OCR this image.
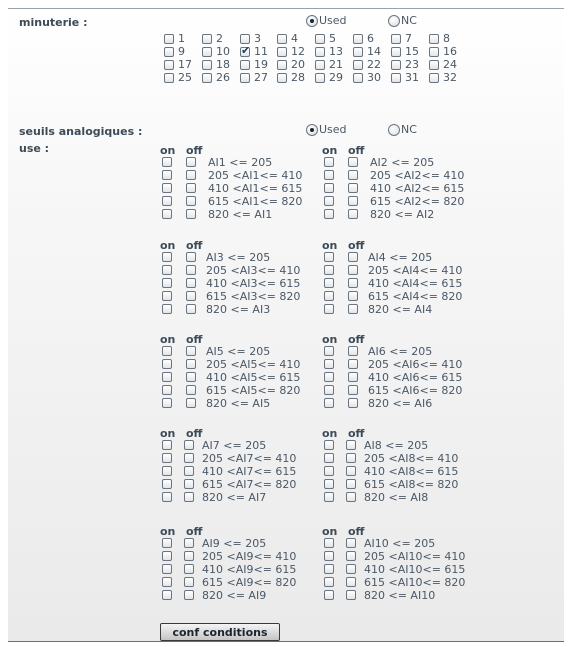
minuterie :	Used	NC
1	2	3	4	5	6	7	8
9	10
✔ 11 12 13 14 15 16
17 18 19 20 21 22 23 24
25 26 27 28 29 30 31 32
seuils analogiques :
use :
Used	NC
on off
AI1 <= 205
205 <AI1<= 410
410 <AI1<= 615
615 <AI1<= 820
820 <= AI1
on off
AI2 <= 205
205 <AI2<= 410
410 <AI2<= 615
615 <AI2<= 820
820 <= AI2
on off
AI3 <= 205
205 <AI3<= 410
410 <AI3<= 615
615 <AI3<= 820
820 <= AI3
on off
AI4 <= 205
205 <AI4<= 410
410 <AI4<= 615
615 <AI4<= 820
820 <= AI4
on off
AI5 <= 205
205 <AI5<= 410
410 <AI5<= 615
615 <AI5<= 820
820 <= AI5
on off
AI6 <= 205
205 <AI6<= 410
410 <AI6<= 615
615 <AI6<= 820
820 <= AI6
on off
AI7 <= 205
205 <AI7<= 410
410 <AI7<= 615
615 <AI7<= 820
820 <= AI7
on off
AI8 <= 205
205 <AI8<= 410
410 <AI8<= 615
615 <AI8<= 820
820 <= AI8
on off
AI9 <= 205
205 <AI9<= 410
410 <AI9<= 615
615 <AI9<= 820
820 <= AI9
on off
AI10 <= 205
205 <AI10<= 410
410 <AI10<= 615
615 <AI10<= 820
820 <= AI10
conf conditions
